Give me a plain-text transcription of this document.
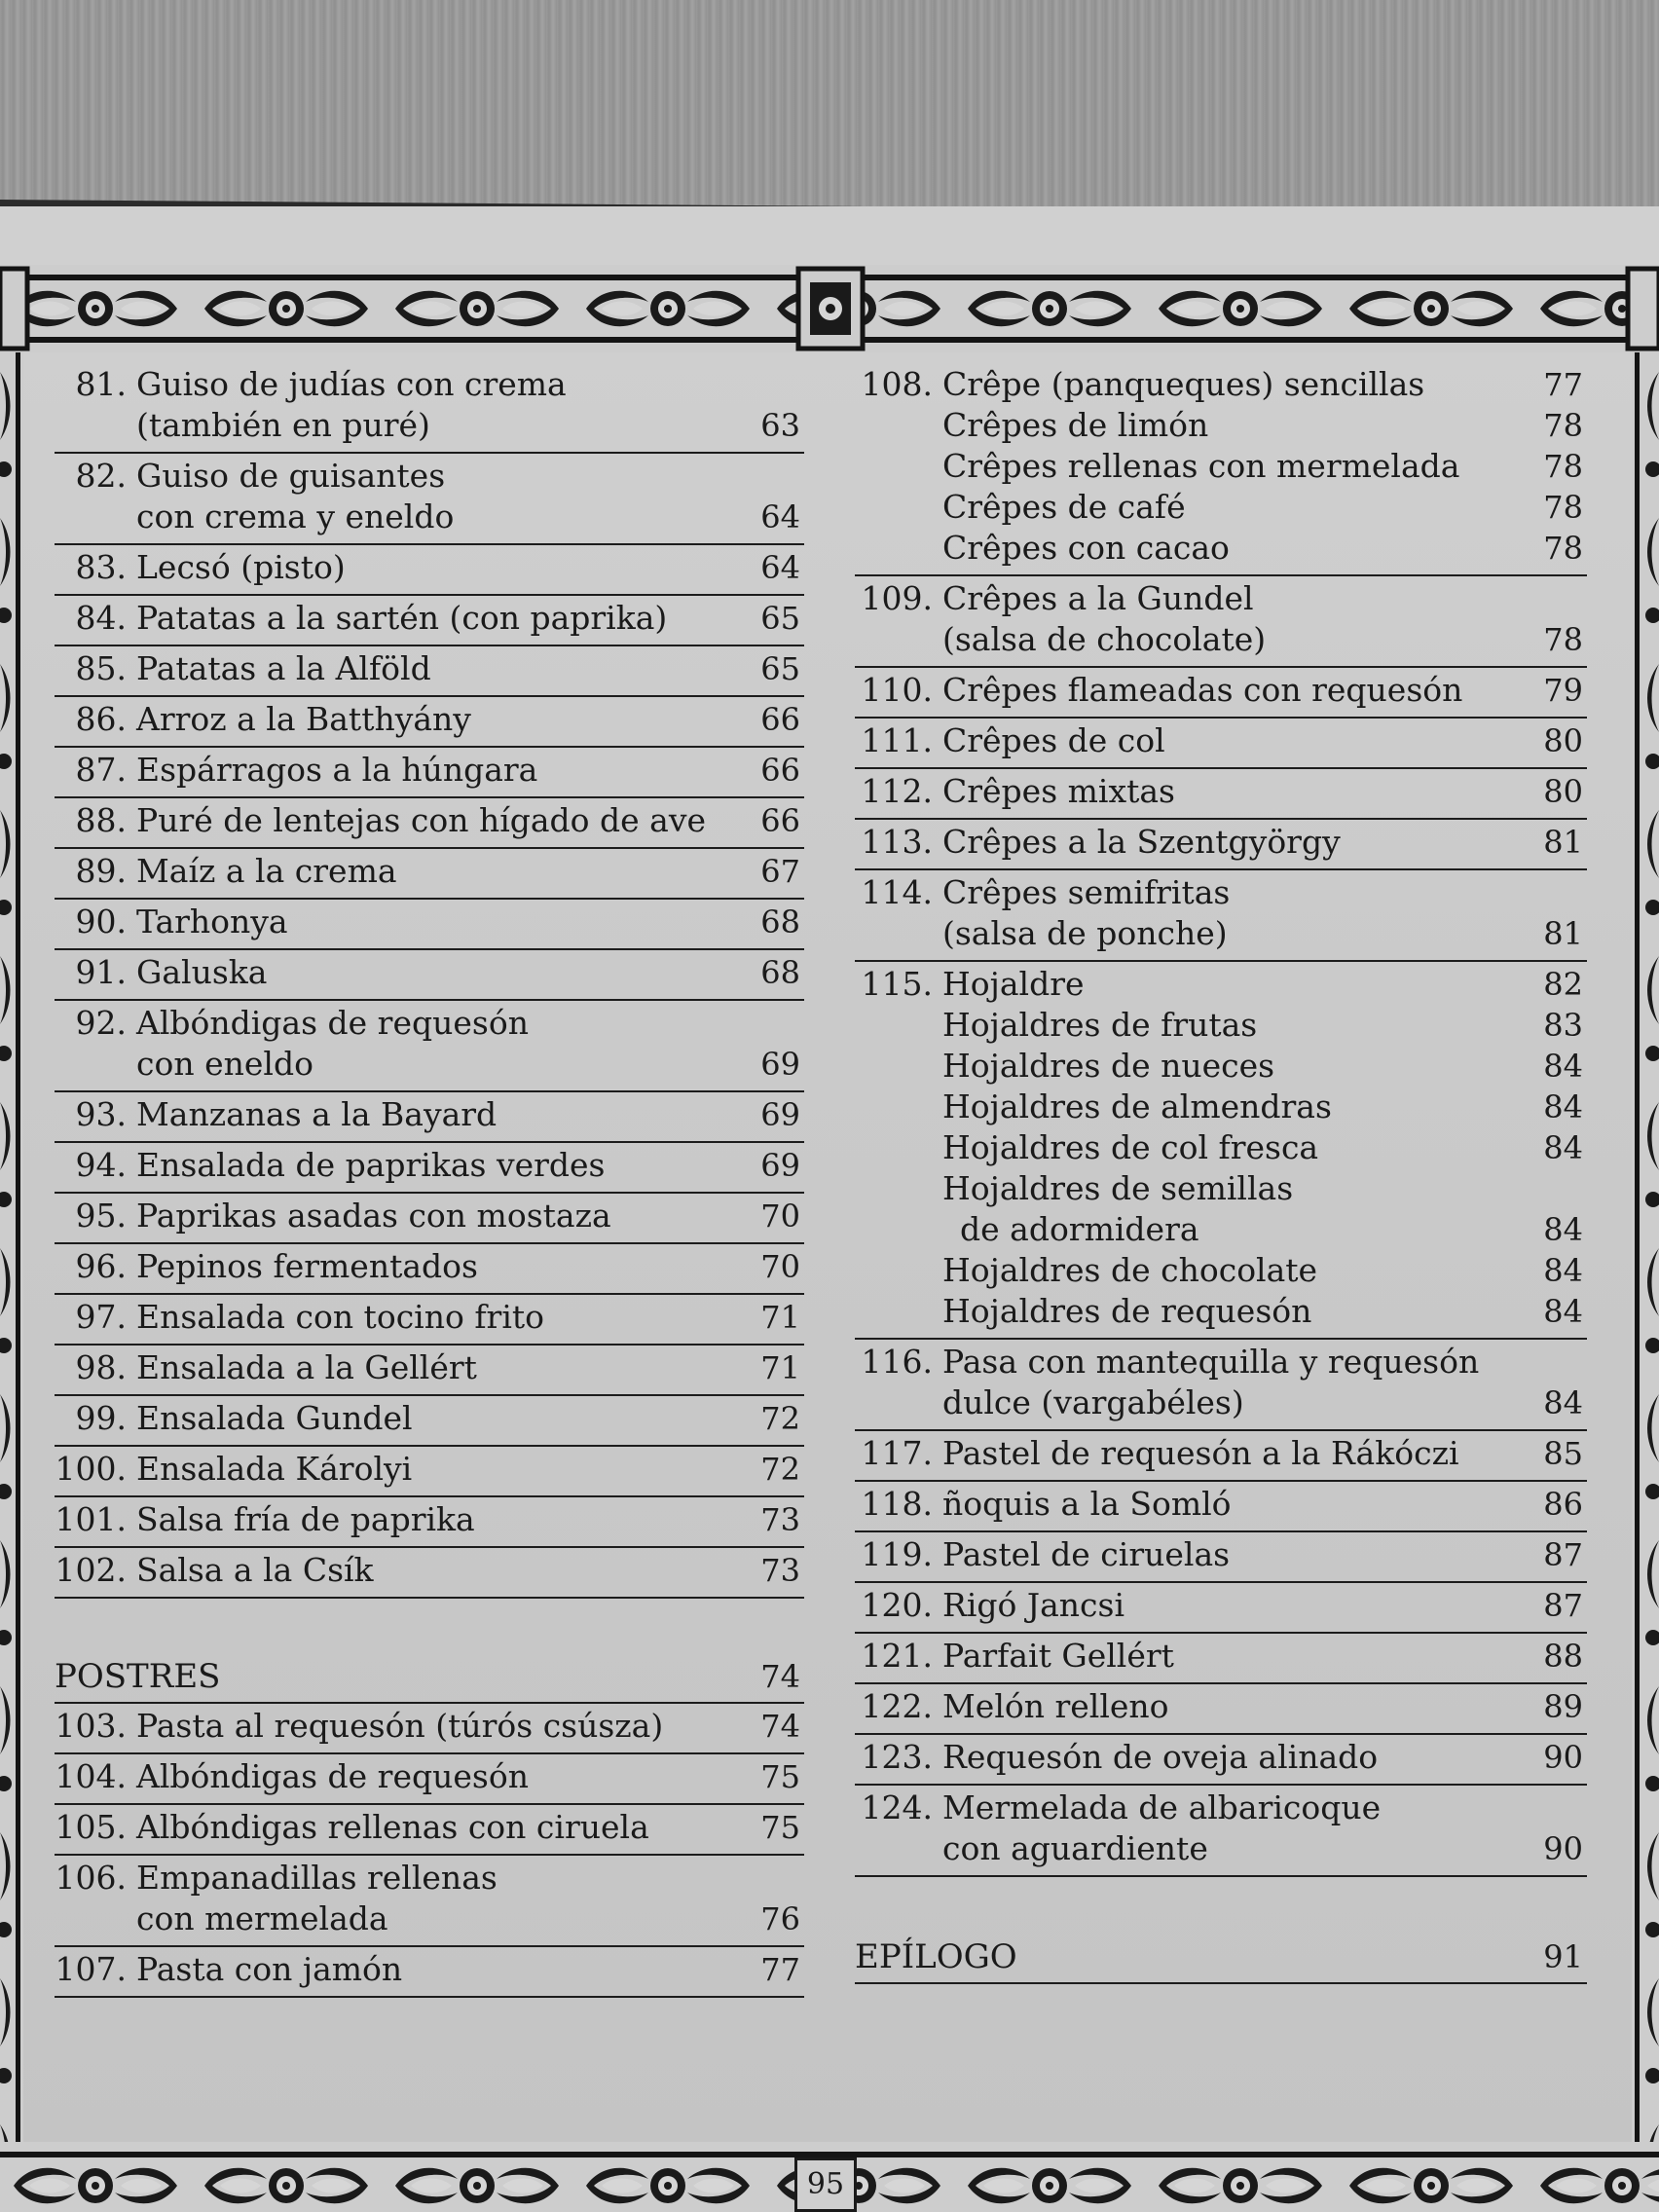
95
81. Guiso de judías con crema
(también en puré)	63
82. Guiso de guisantes
con crema y eneldo	64
83. Lecsó (pisto)	64
84. Patatas a la sartén (con paprika)	65
85. Patatas a la Alföld	65
86. Arroz a la Batthyány	66
87. Espárragos a la húngara	66
88. Puré de lentejas con hígado de ave 66
89. Maíz a la crema	67
90. Tarhonya	68
91. Galuska	68
92. Albóndigas de requesón
con eneldo	69
93. Manzanas a la Bayard	69
94. Ensalada de paprikas verdes	69
95. Paprikas asadas con mostaza	70
96. Pepinos fermentados	70
97. Ensalada con tocino frito	71
98. Ensalada a la Gellért	71
99. Ensalada Gundel	72
100. Ensalada Károlyi	72
101. Salsa fría de paprika	73
102. Salsa a la Csík	73
POSTRES	74
103. Pasta al requesón (túrós csúsza)	74
104. Albóndigas de requesón	75
105. Albóndigas rellenas con ciruela	75
106. Empanadillas rellenas
con mermelada	76
107. Pasta con jamón	77
108. Crêpe (panqueques) sencillas	77
Crêpes de limón	78
Crêpes rellenas con mermelada	78
Crêpes de café	78
Crêpes con cacao	78
109. Crêpes a la Gundel
(salsa de chocolate)	78
110. Crêpes flameadas con requesón	79
111. Crêpes de col	80
112. Crêpes mixtas	80
113. Crêpes a la Szentgyörgy	81
114. Crêpes semifritas
(salsa de ponche)	81
115. Hojaldre	82
Hojaldres de frutas	83
Hojaldres de nueces	84
Hojaldres de almendras	84
Hojaldres de col fresca	84
Hojaldres de semillas
de adormidera	84
Hojaldres de chocolate	84
Hojaldres de requesón	84
116. Pasa con mantequilla y requesón
dulce (vargabéles)	84
117. Pastel de requesón a la Rákóczi	85
118. ñoquis a la Somló	86
119. Pastel de ciruelas	87
120. Rigó Jancsi	87
121. Parfait Gellért	88
122. Melón relleno	89
123. Requesón de oveja alinado	90
124. Mermelada de albaricoque
con aguardiente	90
EPÍLOGO	91
